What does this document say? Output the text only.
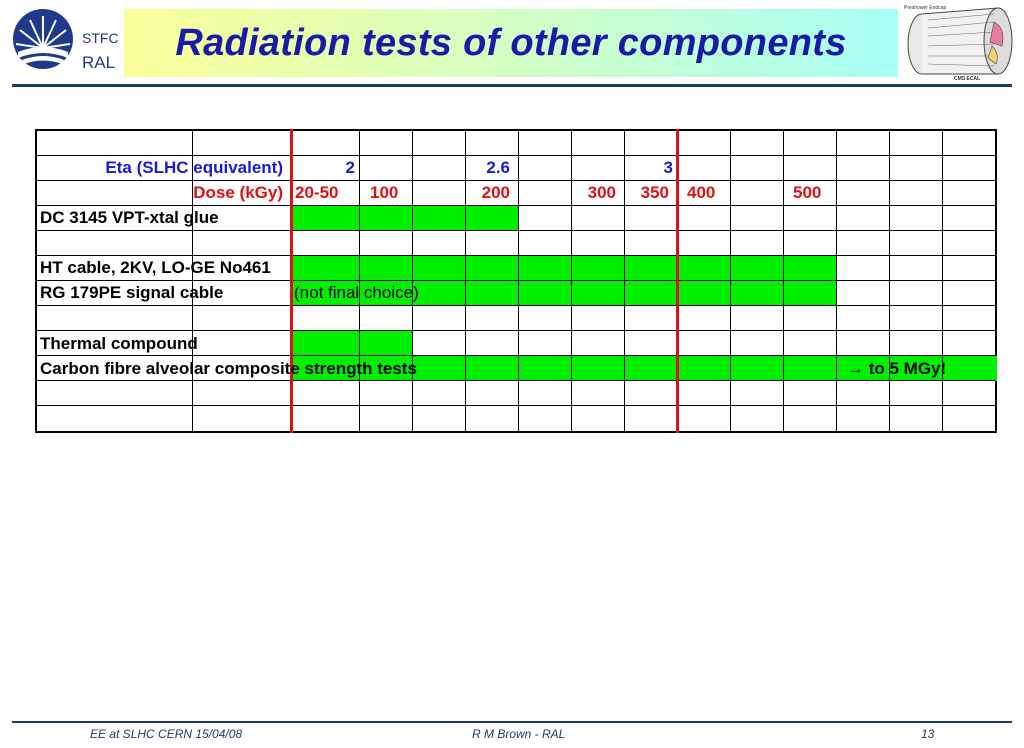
STFC
RAL Radiation tests of other components
Preshower Endcap
CMS ECAL
Eta (SLHC equivalent)	2	2.6	3
Dose (kGy) 20-50 100	200	300	350 400	500
DC 3145 VPT-xtal glue
HT cable, 2KV, LO-GE No461
RG 179PE signal cable	(not final choice)
Thermal compound
Carbon fibre alveolar composite strength tests	→ to 5 MGy!
EE at SLHC CERN 15/04/08	R M Brown - RAL	13
